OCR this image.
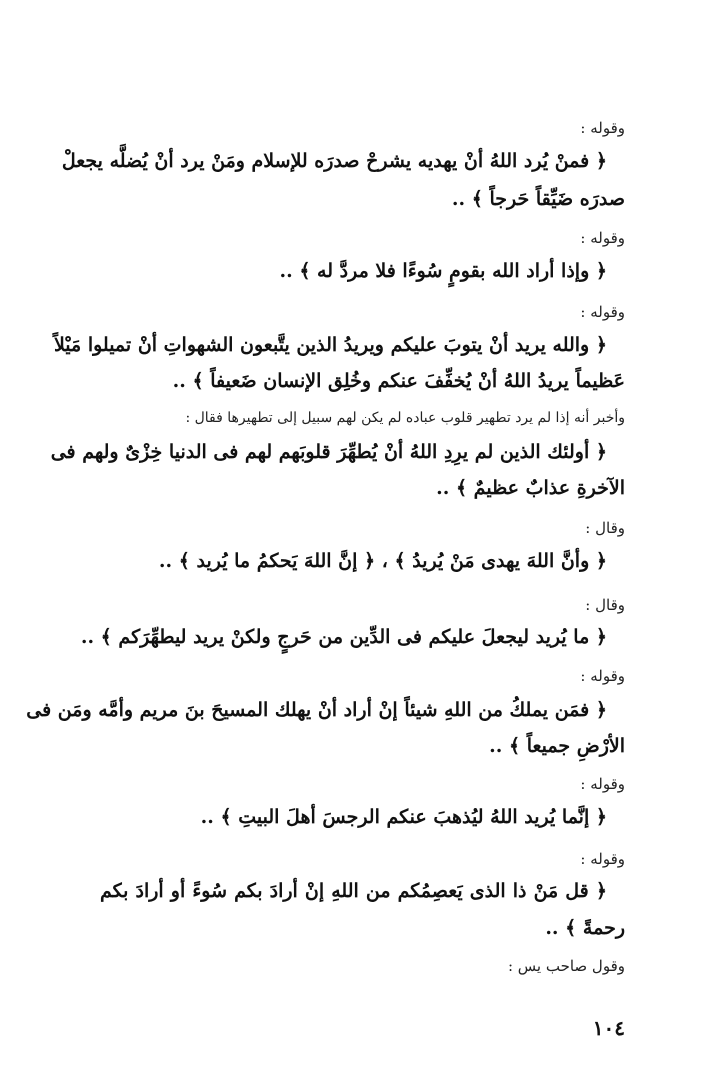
وقوله :
﴿ فمنْ يُرد اللهُ أنْ يهديه يشرحْ صدرَه للإسلام ومَنْ يرد أنْ يُضلَّه يجعلْ
صدرَه ضَيِّقاً حَرجاً ﴾ ..
وقوله :
﴿ وإذا أراد الله بقومٍ سُوءًا فلا مردَّ له ﴾ ..
وقوله :
﴿ والله يريد أنْ يتوبَ عليكم ويريدُ الذين يتَّبعون الشهواتِ أنْ تميلوا مَيْلاً
عَظيماً يريدُ اللهُ أنْ يُخفِّفَ عنكم وخُلِق الإنسان ضَعيفاً ﴾ ..
وأخبر أنه إذا لم يرد تطهير قلوب عباده لم يكن لهم سبيل إلى تطهيرها فقال :
﴿ أولئك الذين لم يرِدِ اللهُ أنْ يُطهِّرَ قلوبَهم لهم فى الدنيا خِزْىٌ ولهم فى
الآخرةِ عذابٌ عظيمٌ ﴾ ..
وقال :
﴿ وأنَّ اللهَ يهدى مَنْ يُريدُ ﴾ ، ﴿ إنَّ اللهَ يَحكمُ ما يُريد ﴾ ..
وقال :
﴿ ما يُريد ليجعلَ عليكم فى الدِّين من حَرجٍ ولكنْ يريد ليطهِّرَكم ﴾ ..
وقوله :
﴿ فمَن يملكُ من اللهِ شيئاً إنْ أراد أنْ يهلك المسيحَ بنَ مريم وأمَّه ومَن فى
الأرْضِ جميعاً ﴾ ..
وقوله :
﴿ إنَّما يُريد اللهُ ليُذهبَ عنكم الرجسَ أهلَ البيتِ ﴾ ..
وقوله :
﴿ قل مَنْ ذا الذى يَعصِمُكم من اللهِ إنْ أرادَ بكم سُوءً أو أرادَ بكم
رحمةً ﴾ ..
وقول صاحب يس :
١٠٤
